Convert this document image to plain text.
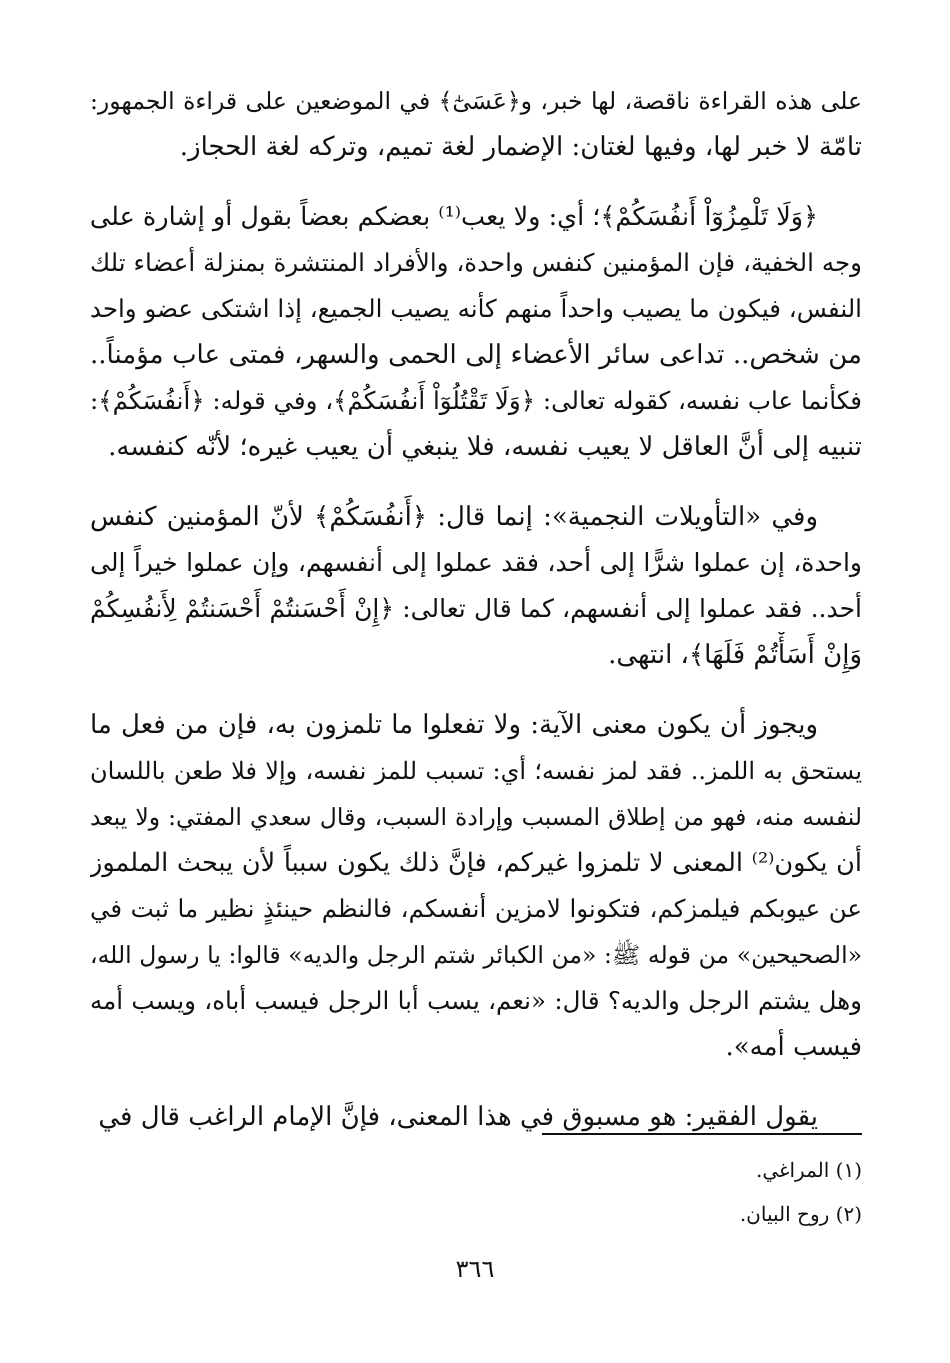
على هذه القراءة ناقصة، لها خبر، و﴿عَسَىٰٓ﴾ في الموضعين على قراءة الجمهور:
تامّة لا خبر لها، وفيها لغتان: الإضمار لغة تميم، وتركه لغة الحجاز.

﴿وَلَا تَلْمِزُوٓاْ أَنفُسَكُمْ﴾؛ أي: ولا يعب⁽¹⁾ بعضكم بعضاً بقول أو إشارة على
وجه الخفية، فإن المؤمنين كنفس واحدة، والأفراد المنتشرة بمنزلة أعضاء تلك
النفس، فيكون ما يصيب واحداً منهم كأنه يصيب الجميع، إذا اشتكى عضو واحد
من شخص.. تداعى سائر الأعضاء إلى الحمى والسهر، فمتى عاب مؤمناً..
فكأنما عاب نفسه، كقوله تعالى: ﴿وَلَا تَقْتُلُوٓاْ أَنفُسَكُمْ﴾، وفي قوله: ﴿أَنفُسَكُمْ﴾:
تنبيه إلى أنَّ العاقل لا يعيب نفسه، فلا ينبغي أن يعيب غيره؛ لأنّه كنفسه.

وفي «التأويلات النجمية»: إنما قال: ﴿أَنفُسَكُمْ﴾ لأنّ المؤمنين كنفس
واحدة، إن عملوا شرًّا إلى أحد، فقد عملوا إلى أنفسهم، وإن عملوا خيراً إلى
أحد.. فقد عملوا إلى أنفسهم، كما قال تعالى: ﴿إِنْ أَحْسَنتُمْ أَحْسَنتُمْ لِأَنفُسِكُمْ
وَإِنْ أَسَأْتُمْ فَلَهَا﴾، انتهى.

ويجوز أن يكون معنى الآية: ولا تفعلوا ما تلمزون به، فإن من فعل ما
يستحق به اللمز.. فقد لمز نفسه؛ أي: تسبب للمز نفسه، وإلا فلا طعن باللسان
لنفسه منه، فهو من إطلاق المسبب وإرادة السبب، وقال سعدي المفتي: ولا يبعد
أن يكون⁽²⁾ المعنى لا تلمزوا غيركم، فإنَّ ذلك يكون سبباً لأن يبحث الملموز
عن عيوبكم فيلمزكم، فتكونوا لامزين أنفسكم، فالنظم حينئذٍ نظير ما ثبت في
«الصحيحين» من قوله ﷺ: «من الكبائر شتم الرجل والديه» قالوا: يا رسول الله،
وهل يشتم الرجل والديه؟ قال: «نعم، يسب أبا الرجل فيسب أباه، ويسب أمه
فيسب أمه».

يقول الفقير: هو مسبوق في هذا المعنى، فإنَّ الإمام الراغب قال في

(١) المراغي.
(٢) روح البيان.
٣٦٦
